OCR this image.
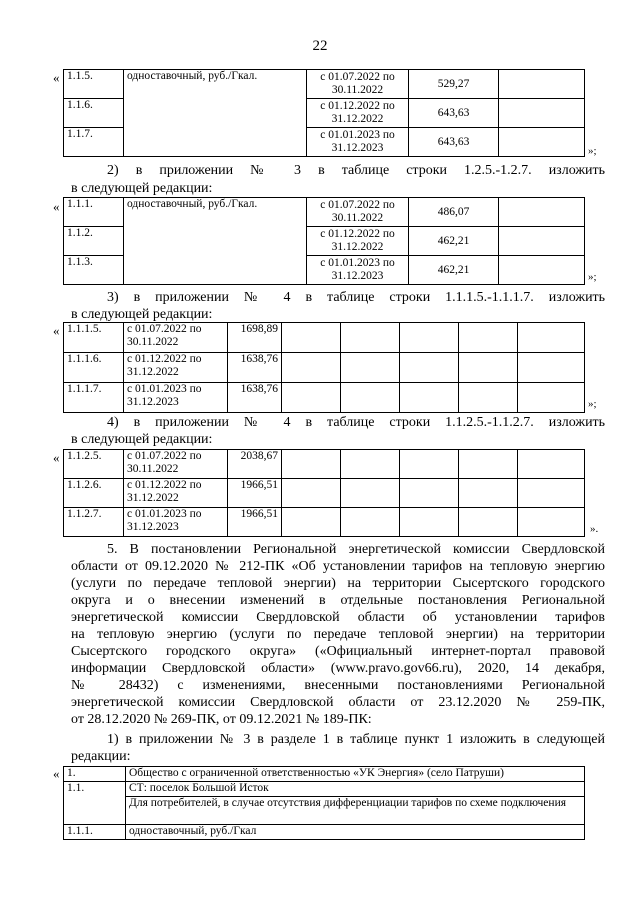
22
« 1.1.5.	одноставочный, руб./Гкал.	с 01.07.2022 по 30.11.2022	529,27	
1.1.6.		с 01.12.2022 по 31.12.2022	643,63	
1.1.7.		с 01.01.2023 по 31.12.2023	643,63	
»;
2) в приложении № 3 в таблице строки 1.2.5.-1.2.7. изложить
в следующей редакции:
« 1.1.1.	одноставочный, руб./Гкал.	с 01.07.2022 по 30.11.2022	486,07	
1.1.2.		с 01.12.2022 по 31.12.2022	462,21	
1.1.3.		с 01.01.2023 по 31.12.2023	462,21	
»;
3) в приложении № 4 в таблице строки 1.1.1.5.-1.1.1.7. изложить
в следующей редакции:
« 1.1.1.5.	с 01.07.2022 по 30.11.2022	1698,89					
1.1.1.6.	с 01.12.2022 по 31.12.2022	1638,76					
1.1.1.7.	с 01.01.2023 по 31.12.2023	1638,76					
»;
4) в приложении № 4 в таблице строки 1.1.2.5.-1.1.2.7. изложить
в следующей редакции:
« 1.1.2.5.	с 01.07.2022 по 30.11.2022	2038,67					
1.1.2.6.	с 01.12.2022 по 31.12.2022	1966,51					
1.1.2.7.	с 01.01.2023 по 31.12.2023	1966,51					
».
5. В постановлении Региональной энергетической комиссии Свердловской
области от 09.12.2020 № 212-ПК «Об установлении тарифов на тепловую энергию
(услуги по передаче тепловой энергии) на территории Сысертского городского
округа и о внесении изменений в отдельные постановления Региональной
энергетической комиссии Свердловской области об установлении тарифов
на тепловую энергию (услуги по передаче тепловой энергии) на территории
Сысертского городского округа» («Официальный интернет-портал правовой
информации Свердловской области» (www.pravo.gov66.ru), 2020, 14 декабря,
№ 28432) с изменениями, внесенными постановлениями Региональной
энергетической комиссии Свердловской области от 23.12.2020 № 259-ПК,
от 28.12.2020 № 269-ПК, от 09.12.2021 № 189-ПК:
1) в приложении № 3 в разделе 1 в таблице пункт 1 изложить в следующей
редакции:
« 1.	Общество с ограниченной ответственностью «УК Энергия» (село Патруши)
1.1.	СТ: поселок Большой Исток
	Для потребителей, в случае отсутствия дифференциации тарифов по схеме подключения
1.1.1.	одноставочный, руб./Гкал
